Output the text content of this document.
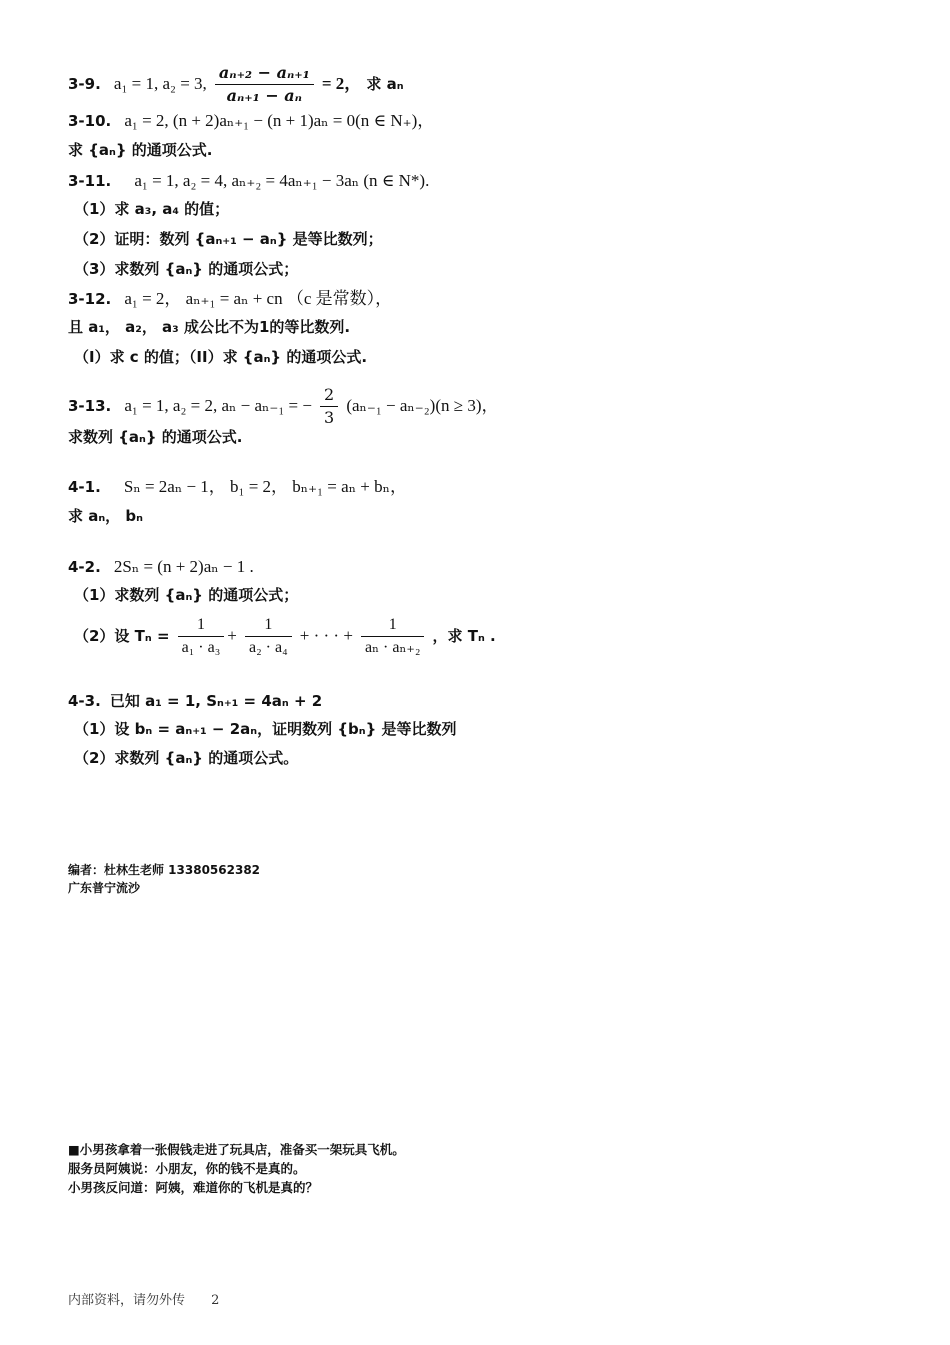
3-9. a₁ = 1, a₂ = 3, $\frac{\text{aₙ₊₂ − aₙ₊₁}}{\text{aₙ₊₁ − aₙ}} = 2$， 求 aₙ
3-10. a₁ = 2, (n + 2)aₙ₊₁ − (n + 1)aₙ = 0(n ∈ N₊)，
求 {aₙ} 的通项公式.
3-11. a₁ = 1, a₂ = 4, aₙ₊₂ = 4aₙ₊₁ − 3aₙ (n ∈ N*).
（1）求 a₃, a₄ 的值；
（2）证明：数列 {aₙ₊₁ − aₙ} 是等比数列；
（3）求数列 {aₙ} 的通项公式；
3-12. a₁ = 2， aₙ₊₁ = aₙ + cn （c 是常数），
且 a₁， a₂， a₃ 成公比不为1的等比数列.
（I）求 c 的值；（II）求 {aₙ} 的通项公式.
3-13. a₁ = 1, a₂ = 2, aₙ − aₙ₋₁ = − $\frac{2}{3} (a_{n-1} - a_{n-2})(n \ge 3)$，
求数列 {aₙ} 的通项公式.
4-1. Sₙ = 2aₙ − 1， b₁ = 2， bₙ₊₁ = aₙ + bₙ，
求 aₙ， bₙ
4-2. 2Sₙ = (n + 2)aₙ − 1 .
（1）求数列 {aₙ} 的通项公式；
（2）设 $T_n = \frac{1}{\text{a₁ · a₃}} + \frac{1}{\text{a₂ · a₄}}$ + · · · + $\frac{1}{\text{aₙ · aₙ₊₂}}$ ，求 Tₙ .
4-3. 已知 a₁ = 1, Sₙ₊₁ = 4aₙ + 2
（1）设 bₙ = aₙ₊₁ − 2aₙ，证明数列 {bₙ} 是等比数列
（2）求数列 {aₙ} 的通项公式。
编者：杜林生老师 13380562382
广东普宁流沙
■小男孩拿着一张假钱走进了玩具店，准备买一架玩具飞机。
服务员阿姨说：小朋友，你的钱不是真的。
小男孩反问道：阿姨，难道你的飞机是真的？
内部资料，请勿外传 2
